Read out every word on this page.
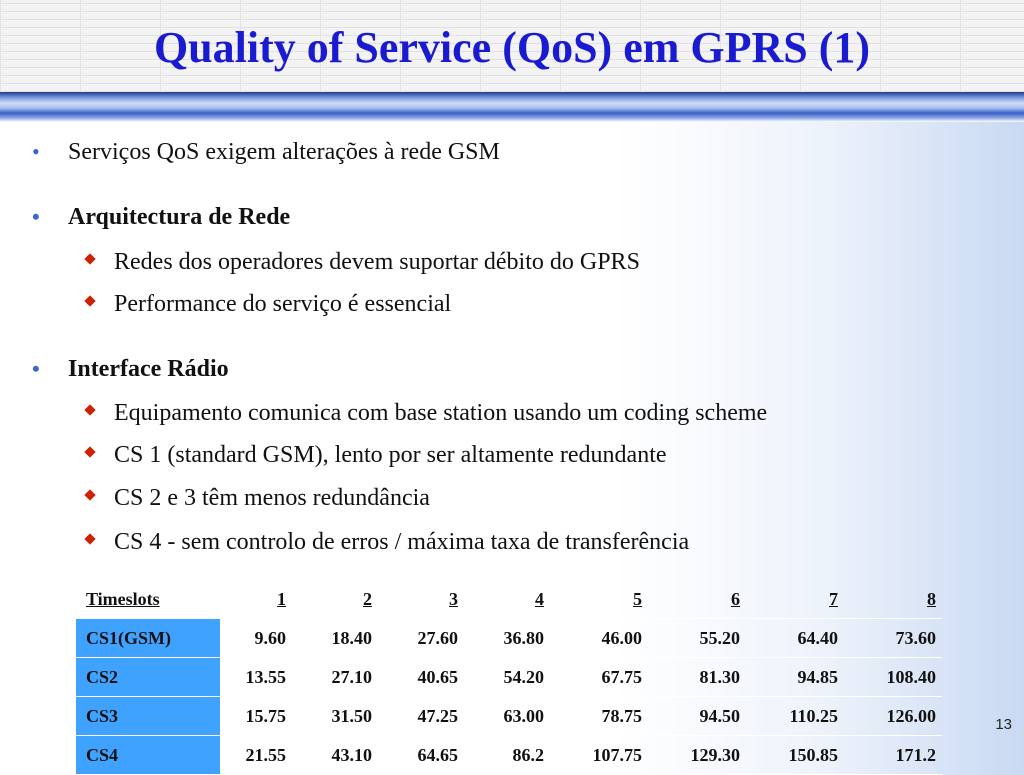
Quality of Service (QoS) em GPRS (1)
• Serviços QoS exigem alterações à rede GSM
• Arquitectura de Rede
Redes dos operadores devem suportar débito do GPRS
Performance do serviço é essencial
• Interface Rádio
Equipamento comunica com base station usando um coding scheme
CS 1 (standard GSM), lento por ser altamente redundante
CS 2 e 3 têm menos redundância
CS 4 - sem controlo de erros / máxima taxa de transferência
Timeslots	1	2	3	4	5	6	7	8
CS1(GSM)	9.60	18.40	27.60	36.80	46.00	55.20	64.40	73.60
CS2	13.55	27.10	40.65	54.20	67.75	81.30	94.85	108.40
CS3	15.75	31.50	47.25	63.00	78.75	94.50	110.25	126.00
CS4	21.55	43.10	64.65	86.2	107.75	129.30	150.85	171.2
13
